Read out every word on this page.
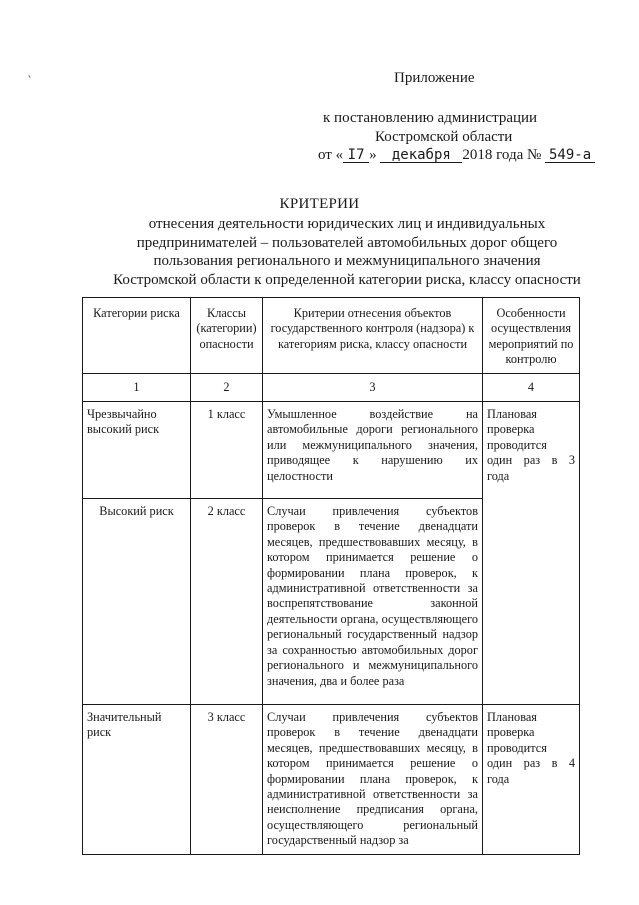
Приложение
к постановлению администрации
Костромской области
от « I7 » декабря 2018 года № 549-а
КРИТЕРИИ
отнесения деятельности юридических лиц и индивидуальных предпринимателей – пользователей автомобильных дорог общего пользования регионального и межмуниципального значения Костромской области к определенной категории риска, классу опасности
Категории риска	Классы (категории) опасности	Критерии отнесения объектов государственного контроля (надзора) к категориям риска, классу опасности	Особенности осуществления мероприятий по контролю
1	2	3	4
Чрезвычайно высокий риск	1 класс	Умышленное воздействие на автомобильные дороги регионального или межмуниципального значения, приводящее к нарушению их целостности	Плановая проверка проводится один раз в 3 года
Высокий риск	2 класс	Случаи привлечения субъектов проверок в течение двенадцати месяцев, предшествовавших месяцу, в котором принимается решение о формировании плана проверок, к административной ответственности за воспрепятствование законной деятельности органа, осуществляющего региональный государственный надзор за сохранностью автомобильных дорог регионального и межмуниципального значения, два и более раза	
Значительный риск	3 класс	Случаи привлечения субъектов проверок в течение двенадцати месяцев, предшествовавших месяцу, в котором принимается решение о формировании плана проверок, к административной ответственности за неисполнение предписания органа, осуществляющего региональный государственный надзор за	Плановая проверка проводится один раз в 4 года
